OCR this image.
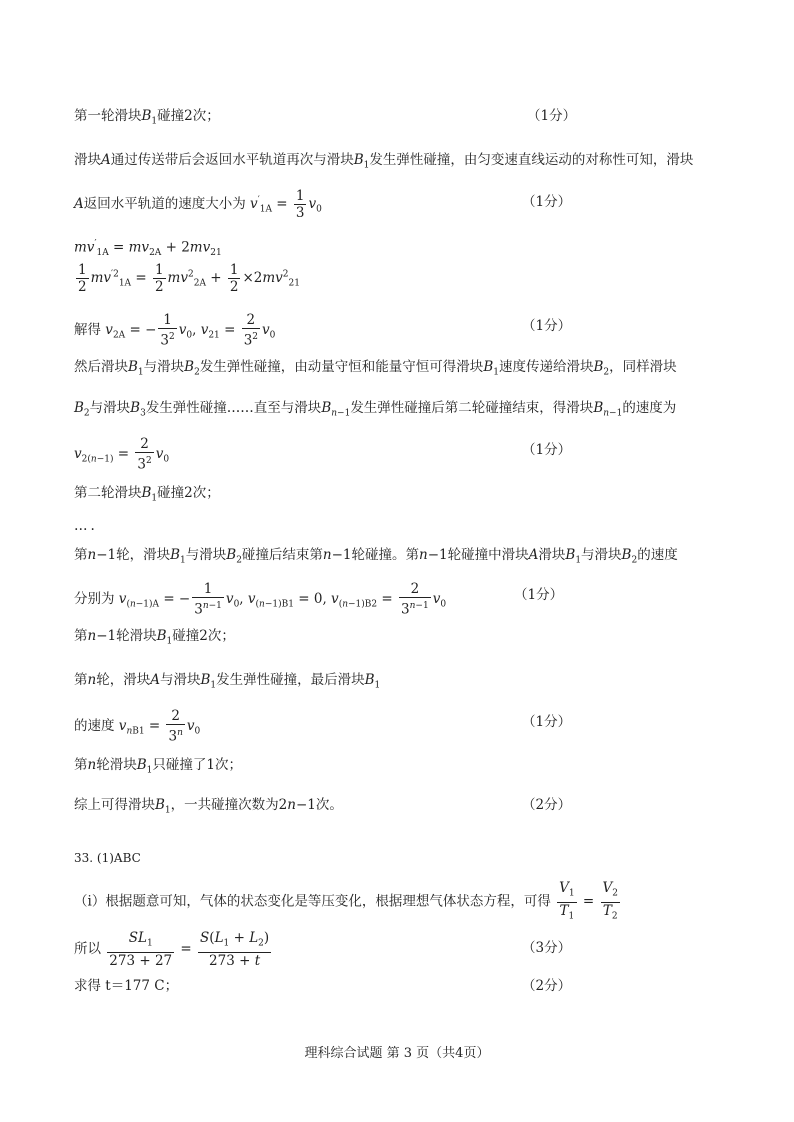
第一轮滑块$B_1$碰撞2次；	（1分）
滑块A通过传送带后会返回水平轨道再次与滑块$B_1$发生弹性碰撞，由匀变速直线运动的对称性可知，滑块
A返回水平轨道的速度大小为 $v'_{1A} = \frac{1}{3} v_0$	（1分）
$mv'_{1A} = mv_{2A} + 2mv_{21}$
$\frac{1}{2} mv^{'2}_{1A} = \frac{1}{2} mv^2_{2A} + \frac{1}{2} \times 2mv^2_{21}$
解得 $v_{2A}$ = − $\frac{1}{3^2} v_0$, $v_{21} = \frac{2}{3^2} v_0$
（1分）
然后滑块$B_1$与滑块$B_2$发生弹性碰撞，由动量守恒和能量守恒可得滑块$B_1$速度传递给滑块$B_2$，同样滑块
$B_2$与滑块$B_3$发生弹性碰撞……直至与滑块$B_{n-1}$发生弹性碰撞后第二轮碰撞结束，得滑块$B_{n-1}$的速度为
$v_{2(n-1)} = \frac{2}{3^2} v_0$
（1分）
第二轮滑块$B_1$碰撞2次；
….
第n−1轮，滑块$B_1$与滑块$B_2$碰撞后结束第n−1轮碰撞。第n−1轮碰撞中滑块A滑块$B_1$与滑块$B_2$的速度
分别为 $v_{(n-1)A}$ = − $\frac{1}{3^{n-1}} v_0$, $v_{(n-1)B1} = 0$, $v_{(n-1)B2} = \frac{2}{3^{n-1}} v_0$
（1分）
第n−1轮滑块$B_1$碰撞2次；
第n轮，滑块A与滑块$B_1$发生弹性碰撞，最后滑块$B_1$
的速度 $v_{nB1} = \frac{2}{3^n} v_0$
（1分）
第n轮滑块$B_1$只碰撞了1次；
综上可得滑块$B_1$，一共碰撞次数为2n−1次。	（2分）
33. (1)ABC
（i）根据题意可知，气体的状态变化是等压变化，根据理想气体状态方程，可得 $\frac{V_1}{T_1} = \frac{V_2}{T_2}$
所以 $\frac{SL_1}{273 + 27} = \frac{S(L_1 + L_2)}{273 + t}$	（3分）
求得 t＝177 C；	（2分）
理科综合试题 第 3 页（共4页）
